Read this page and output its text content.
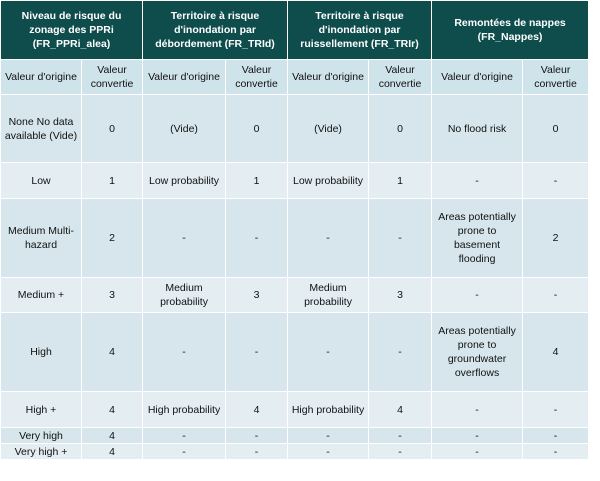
Niveau de risque du zonage des PPRi (FR_PPRi_alea)		Territoire à risque d'inondation par débordement (FR_TRId)		Territoire à risque d'inondation par ruissellement (FR_TRIr)		Remontées de nappes (FR_Nappes)	
Valeur d'origine	Valeur convertie	Valeur d'origine	Valeur convertie	Valeur d'origine	Valeur convertie	Valeur d'origine	Valeur convertie
None No data available (Vide)	0	(Vide)	0	(Vide)	0	No flood risk	0
Low	1	Low probability	1	Low probability	1	-	-
Medium Multi-hazard	2	-	-	-	-	Areas potentially prone to basement flooding	2
Medium +	3	Medium probability	3	Medium probability	3	-	-
High	4	-	-	-	-	Areas potentially prone to groundwater overflows	4
High +	4	High probability	4	High probability	4	-	-
Very high	4	-	-	-	-	-	-
Very high +	4	-	-	-	-	-	-
